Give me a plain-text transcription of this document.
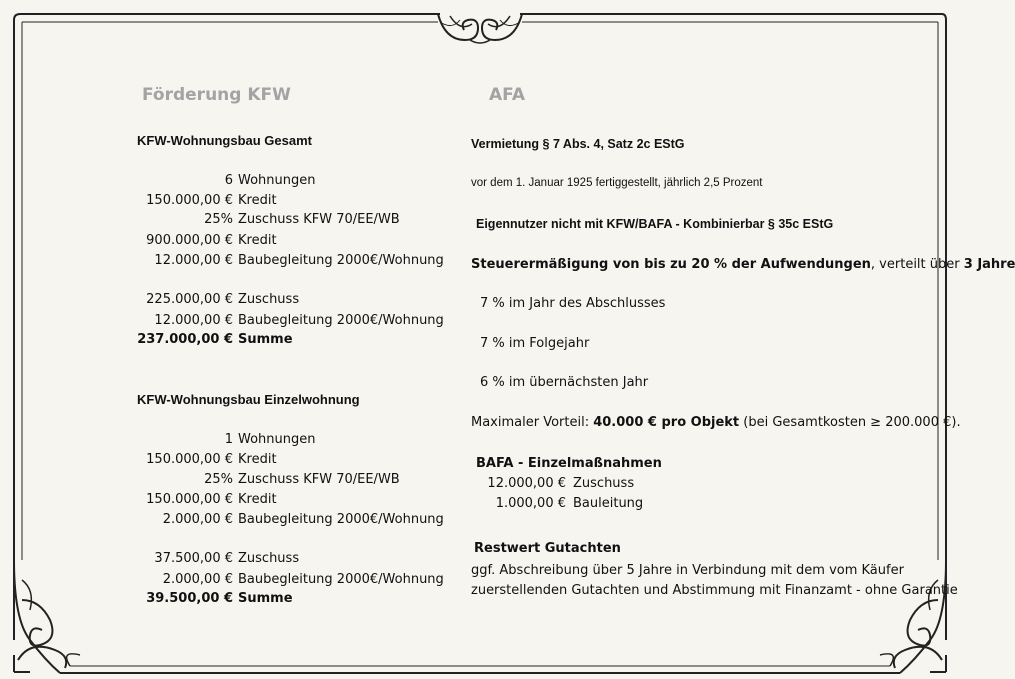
Förderung KFW
KFW-Wohnungsbau Gesamt
6 Wohnungen
150.000,00 € Kredit
25% Zuschuss KFW 70/EE/WB
900.000,00 € Kredit
12.000,00 € Baubegleitung 2000€/Wohnung
225.000,00 € Zuschuss
12.000,00 € Baubegleitung 2000€/Wohnung
237.000,00 € Summe
KFW-Wohnungsbau Einzelwohnung
1 Wohnungen
150.000,00 € Kredit
25% Zuschuss KFW 70/EE/WB
150.000,00 € Kredit
2.000,00 € Baubegleitung 2000€/Wohnung
37.500,00 € Zuschuss
2.000,00 € Baubegleitung 2000€/Wohnung
39.500,00 € Summe
AFA
Vermietung § 7 Abs. 4, Satz 2c EStG
vor dem 1. Januar 1925 fertiggestellt, jährlich 2,5 Prozent
Eigennutzer nicht mit KFW/BAFA - Kombinierbar § 35c EStG
Steuerermäßigung von bis zu 20 % der Aufwendungen, verteilt über 3 Jahre
7 % im Jahr des Abschlusses
7 % im Folgejahr
6 % im übernächsten Jahr
Maximaler Vorteil: 40.000 € pro Objekt (bei Gesamtkosten ≥ 200.000 €).
BAFA - Einzelmaßnahmen
12.000,00 € Zuschuss
1.000,00 € Bauleitung
Restwert Gutachten
ggf. Abschreibung über 5 Jahre in Verbindung mit dem vom Käufer
zuerstellenden Gutachten und Abstimmung mit Finanzamt - ohne Garantie
